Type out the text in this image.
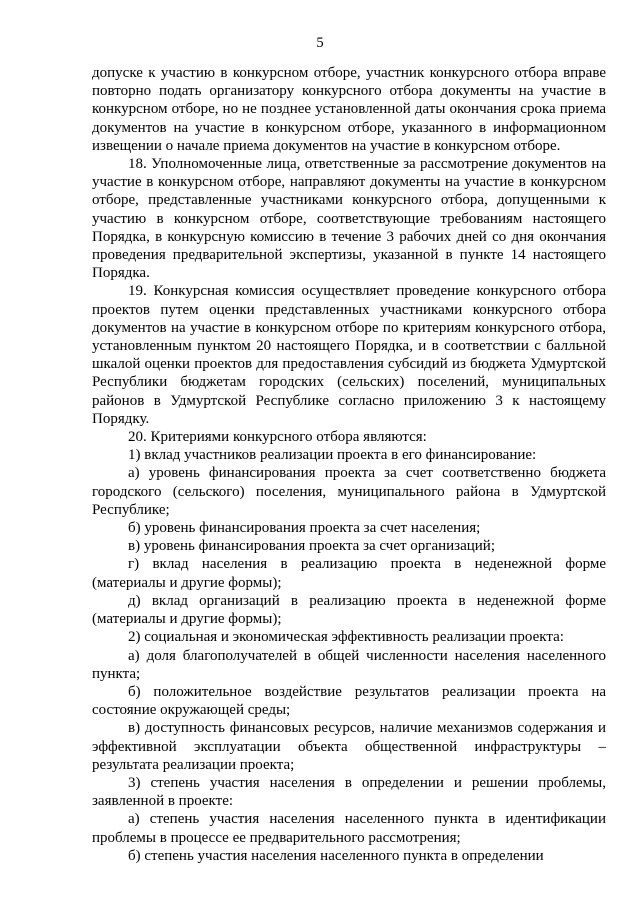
5

допуске к участию в конкурсном отборе, участник конкурсного отбора вправе повторно подать организатору конкурсного отбора документы на участие в конкурсном отборе, но не позднее установленной даты окончания срока приема документов на участие в конкурсном отборе, указанного в информационном извещении о начале приема документов на участие в конкурсном отборе.

18. Уполномоченные лица, ответственные за рассмотрение документов на участие в конкурсном отборе, направляют документы на участие в конкурсном отборе, представленные участниками конкурсного отбора, допущенными к участию в конкурсном отборе, соответствующие требованиям настоящего Порядка, в конкурсную комиссию в течение 3 рабочих дней со дня окончания проведения предварительной экспертизы, указанной в пункте 14 настоящего Порядка.

19. Конкурсная комиссия осуществляет проведение конкурсного отбора проектов путем оценки представленных участниками конкурсного отбора документов на участие в конкурсном отборе по критериям конкурсного отбора, установленным пунктом 20 настоящего Порядка, и в соответствии с балльной шкалой оценки проектов для предоставления субсидий из бюджета Удмуртской Республики бюджетам городских (сельских) поселений, муниципальных районов в Удмуртской Республике согласно приложению 3 к настоящему Порядку.

20. Критериями конкурсного отбора являются:

1) вклад участников реализации проекта в его финансирование:

а) уровень финансирования проекта за счет соответственно бюджета городского (сельского) поселения, муниципального района в Удмуртской Республике;

б) уровень финансирования проекта за счет населения;

в) уровень финансирования проекта за счет организаций;

г) вклад населения в реализацию проекта в неденежной форме (материалы и другие формы);

д) вклад организаций в реализацию проекта в неденежной форме (материалы и другие формы);

2) социальная и экономическая эффективность реализации проекта:

а) доля благополучателей в общей численности населения населенного пункта;

б) положительное воздействие результатов реализации проекта на состояние окружающей среды;

в) доступность финансовых ресурсов, наличие механизмов содержания и эффективной эксплуатации объекта общественной инфраструктуры – результата реализации проекта;

3) степень участия населения в определении и решении проблемы, заявленной в проекте:

а) степень участия населения населенного пункта в идентификации проблемы в процессе ее предварительного рассмотрения;

б) степень участия населения населенного пункта в определении
